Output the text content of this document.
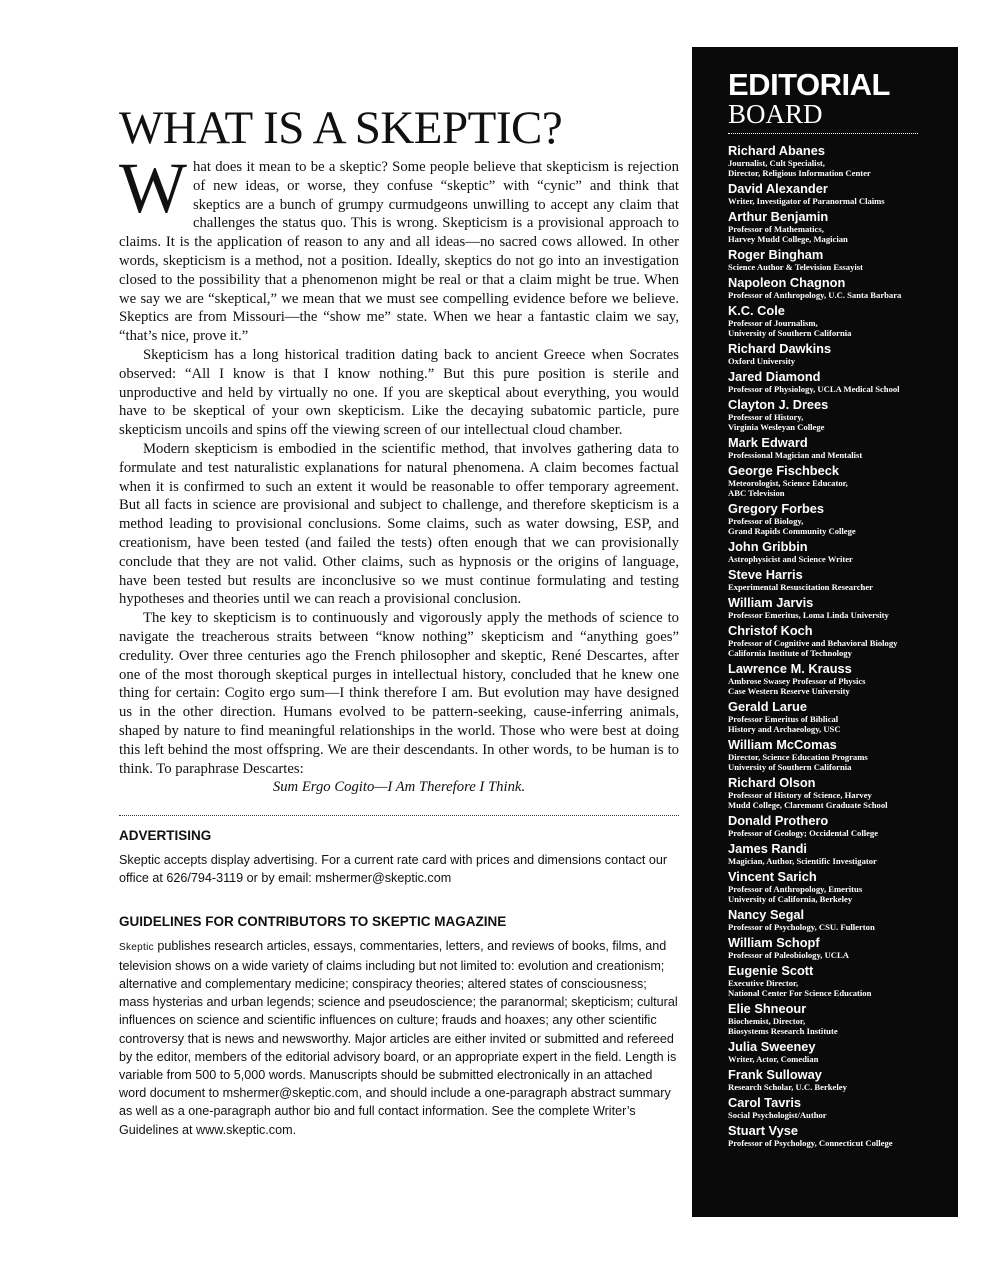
WHAT IS A SKEPTIC?

What does it mean to be a skeptic? Some people believe that skepticism is rejection of new ideas, or worse, they confuse “skeptic” with “cynic” and think that skeptics are a bunch of grumpy curmudgeons unwilling to accept any claim that challenges the status quo. This is wrong. Skepticism is a provisional approach to claims. It is the application of reason to any and all ideas—no sacred cows allowed. In other words, skepticism is a method, not a position. Ideally, skeptics do not go into an investigation closed to the possibility that a phenomenon might be real or that a claim might be true. When we say we are “skeptical,” we mean that we must see compelling evidence before we believe. Skeptics are from Missouri—the “show me” state. When we hear a fantastic claim we say, “that’s nice, prove it.”

Skepticism has a long historical tradition dating back to ancient Greece when Socrates observed: “All I know is that I know nothing.” But this pure position is sterile and unproductive and held by virtually no one. If you are skeptical about everything, you would have to be skeptical of your own skepticism. Like the decaying subatomic particle, pure skepticism uncoils and spins off the viewing screen of our intellectual cloud chamber.

Modern skepticism is embodied in the scientific method, that involves gathering data to formulate and test naturalistic explanations for natural phenomena. A claim becomes factual when it is confirmed to such an extent it would be reasonable to offer temporary agreement. But all facts in science are provisional and subject to challenge, and therefore skepticism is a method leading to provisional conclusions. Some claims, such as water dowsing, ESP, and creationism, have been tested (and failed the tests) often enough that we can provisionally conclude that they are not valid. Other claims, such as hypnosis or the origins of language, have been tested but results are inconclusive so we must continue formulating and testing hypotheses and theories until we can reach a provisional conclusion.

The key to skepticism is to continuously and vigorously apply the methods of science to navigate the treacherous straits between “know nothing” skepticism and “anything goes” credulity. Over three centuries ago the French philosopher and skeptic, René Descartes, after one of the most thorough skeptical purges in intellectual history, concluded that he knew one thing for certain: Cogito ergo sum—I think therefore I am. But evolution may have designed us in the other direction. Humans evolved to be pattern-seeking, cause-inferring animals, shaped by nature to find meaningful relationships in the world. Those who were best at doing this left behind the most offspring. We are their descendants. In other words, to be human is to think. To paraphrase Descartes:

Sum Ergo Cogito—I Am Therefore I Think.

ADVERTISING

Skeptic accepts display advertising. For a current rate card with prices and dimensions contact our office at 626/794-3119 or by email: mshermer@skeptic.com

GUIDELINES FOR CONTRIBUTORS TO SKEPTIC MAGAZINE

Skeptic publishes research articles, essays, commentaries, letters, and reviews of books, films, and television shows on a wide variety of claims including but not limited to: evolution and creationism; alternative and complementary medicine; conspiracy theories; altered states of consciousness; mass hysterias and urban legends; science and pseudoscience; the paranormal; skepticism; cultural influences on science and scientific influences on culture; frauds and hoaxes; any other scientific controversy that is news and newsworthy. Major articles are either invited or submitted and refereed by the editor, members of the editorial advisory board, or an appropriate expert in the field. Length is variable from 500 to 5,000 words. Manuscripts should be submitted electronically in an attached word document to mshermer@skeptic.com, and should include a one-paragraph abstract summary as well as a one-paragraph author bio and full contact information. See the complete Writer’s Guidelines at www.skeptic.com.

EDITORIAL
BOARD
Richard Abanes
Journalist, Cult Specialist,
Director, Religious Information Center
David Alexander
Writer, Investigator of Paranormal Claims
Arthur Benjamin
Professor of Mathematics,
Harvey Mudd College, Magician
Roger Bingham
Science Author & Television Essayist
Napoleon Chagnon
Professor of Anthropology, U.C. Santa Barbara
K.C. Cole
Professor of Journalism,
University of Southern California
Richard Dawkins
Oxford University
Jared Diamond
Professor of Physiology, UCLA Medical School
Clayton J. Drees
Professor of History,
Virginia Wesleyan College
Mark Edward
Professional Magician and Mentalist
George Fischbeck
Meteorologist, Science Educator,
ABC Television
Gregory Forbes
Professor of Biology,
Grand Rapids Community College
John Gribbin
Astrophysicist and Science Writer
Steve Harris
Experimental Resuscitation Researcher
William Jarvis
Professor Emeritus, Loma Linda University
Christof Koch
Professor of Cognitive and Behavioral Biology
California Institute of Technology
Lawrence M. Krauss
Ambrose Swasey Professor of Physics
Case Western Reserve University
Gerald Larue
Professor Emeritus of Biblical
History and Archaeology, USC
William McComas
Director, Science Education Programs
University of Southern California
Richard Olson
Professor of History of Science, Harvey
Mudd College, Claremont Graduate School
Donald Prothero
Professor of Geology; Occidental College
James Randi
Magician, Author, Scientific Investigator
Vincent Sarich
Professor of Anthropology, Emeritus
University of California, Berkeley
Nancy Segal
Professor of Psychology, CSU. Fullerton
William Schopf
Professor of Paleobiology, UCLA
Eugenie Scott
Executive Director,
National Center For Science Education
Elie Shneour
Biochemist, Director,
Biosystems Research Institute
Julia Sweeney
Writer, Actor, Comedian
Frank Sulloway
Research Scholar, U.C. Berkeley
Carol Tavris
Social Psychologist/Author
Stuart Vyse
Professor of Psychology, Connecticut College
